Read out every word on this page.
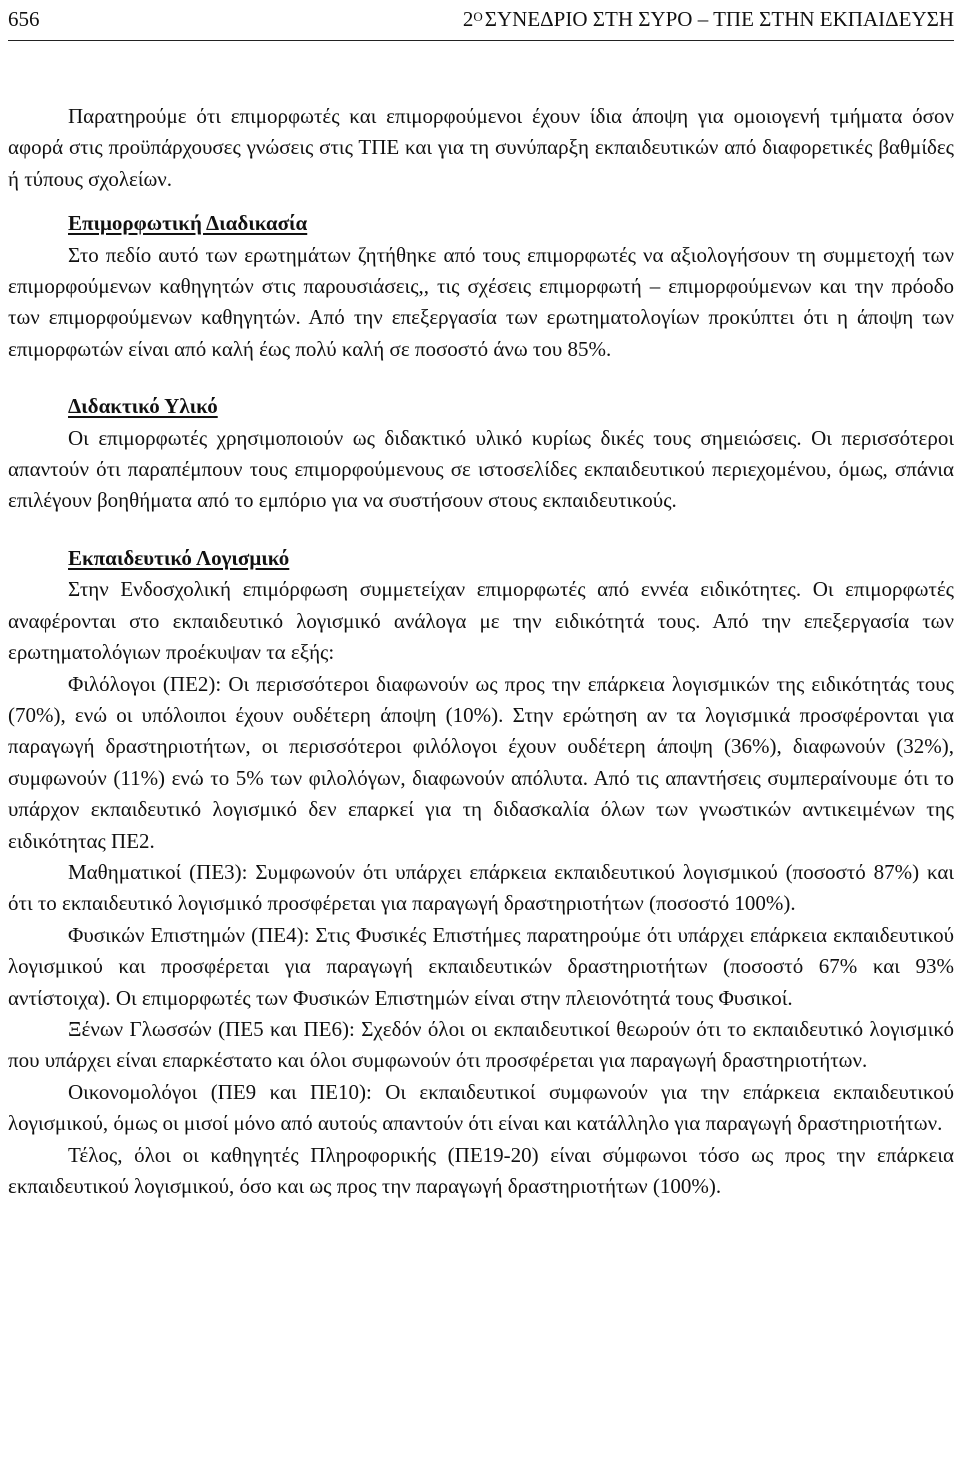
656	$2^O\Sigma\Upsilon NE\Delta PIO$ ΣΤΗ ΣΥΡΟ – ΤΠΕ ΣΤΗΝ ΕΚΠΑΙΔΕΥΣΗ

Παρατηρούμε ότι επιμορφωτές και επιμορφούμενοι έχουν ίδια άποψη για ομοιογενή τμήματα όσον αφορά στις προϋπάρχουσες γνώσεις στις ΤΠΕ και για τη συνύπαρξη εκπαιδευτικών από διαφορετικές βαθμίδες ή τύπους σχολείων.

Επιμορφωτική Διαδικασία

Στο πεδίο αυτό των ερωτημάτων ζητήθηκε από τους επιμορφωτές να αξιολογήσουν τη συμμετοχή των επιμορφούμενων καθηγητών στις παρουσιάσεις,, τις σχέσεις επιμορφωτή – επιμορφούμενων και την πρόοδο των επιμορφούμενων καθηγητών. Από την επεξεργασία των ερωτηματολογίων προκύπτει ότι η άποψη των επιμορφωτών είναι από καλή έως πολύ καλή σε ποσοστό άνω του 85%.

Διδακτικό Υλικό

Οι επιμορφωτές χρησιμοποιούν ως διδακτικό υλικό κυρίως δικές τους σημειώσεις. Οι περισσότεροι απαντούν ότι παραπέμπουν τους επιμορφούμενους σε ιστοσελίδες εκπαιδευτικού περιεχομένου, όμως, σπάνια επιλέγουν βοηθήματα από το εμπόριο για να συστήσουν στους εκπαιδευτικούς.

Εκπαιδευτικό Λογισμικό

Στην Ενδοσχολική επιμόρφωση συμμετείχαν επιμορφωτές από εννέα ειδικότητες. Οι επιμορφωτές αναφέρονται στο εκπαιδευτικό λογισμικό ανάλογα με την ειδικότητά τους. Από την επεξεργασία των ερωτηματολόγιων προέκυψαν τα εξής:

Φιλόλογοι (ΠΕ2): Οι περισσότεροι διαφωνούν ως προς την επάρκεια λογισμικών της ειδικότητάς τους (70%), ενώ οι υπόλοιποι έχουν ουδέτερη άποψη (10%). Στην ερώτηση αν τα λογισμικά προσφέρονται για παραγωγή δραστηριοτήτων, οι περισσότεροι φιλόλογοι έχουν ουδέτερη άποψη (36%), διαφωνούν (32%), συμφωνούν (11%) ενώ το 5% των φιλολόγων, διαφωνούν απόλυτα. Από τις απαντήσεις συμπεραίνουμε ότι το υπάρχον εκπαιδευτικό λογισμικό δεν επαρκεί για τη διδασκαλία όλων των γνωστικών αντικειμένων της ειδικότητας ΠΕ2.

Μαθηματικοί (ΠΕ3): Συμφωνούν ότι υπάρχει επάρκεια εκπαιδευτικού λογισμικού (ποσοστό 87%) και ότι το εκπαιδευτικό λογισμικό προσφέρεται για παραγωγή δραστηριοτήτων (ποσοστό 100%).

Φυσικών Επιστημών (ΠΕ4): Στις Φυσικές Επιστήμες παρατηρούμε ότι υπάρχει επάρκεια εκπαιδευτικού λογισμικού και προσφέρεται για παραγωγή εκπαιδευτικών δραστηριοτήτων (ποσοστό 67% και 93% αντίστοιχα). Οι επιμορφωτές των Φυσικών Επιστημών είναι στην πλειονότητά τους Φυσικοί.

Ξένων Γλωσσών (ΠΕ5 και ΠΕ6): Σχεδόν όλοι οι εκπαιδευτικοί θεωρούν ότι το εκπαιδευτικό λογισμικό που υπάρχει είναι επαρκέστατο και όλοι συμφωνούν ότι προσφέρεται για παραγωγή δραστηριοτήτων.

Οικονομολόγοι (ΠΕ9 και ΠΕ10): Οι εκπαιδευτικοί συμφωνούν για την επάρκεια εκπαιδευτικού λογισμικού, όμως οι μισοί μόνο από αυτούς απαντούν ότι είναι και κατάλληλο για παραγωγή δραστηριοτήτων.

Τέλος, όλοι οι καθηγητές Πληροφορικής (ΠΕ19-20) είναι σύμφωνοι τόσο ως προς την επάρκεια εκπαιδευτικού λογισμικού, όσο και ως προς την παραγωγή δραστηριοτήτων (100%).
